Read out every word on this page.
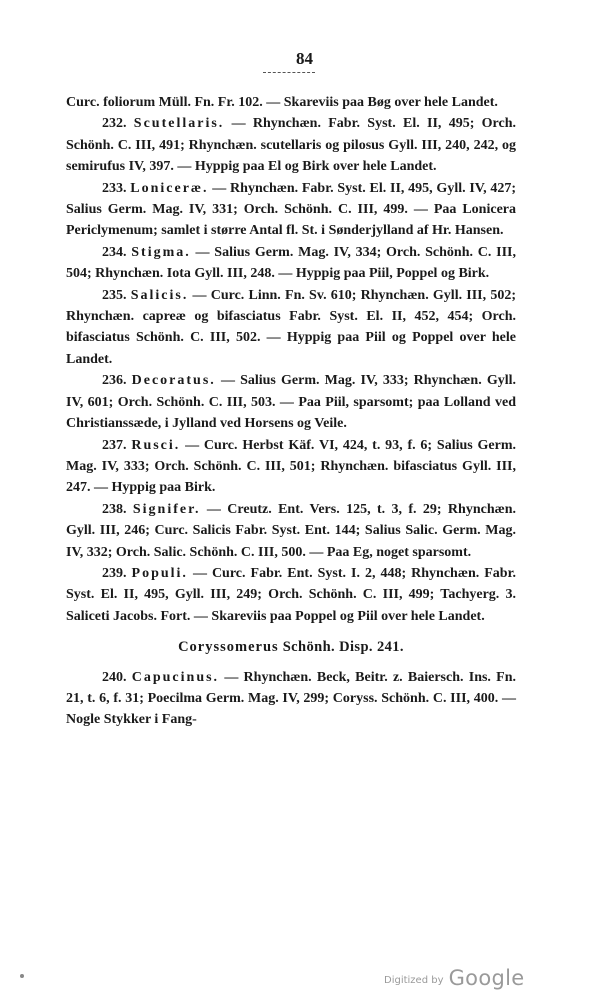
84

Curc. foliorum Müll. Fn. Fr. 102. — Skareviis paa Bøg over hele Landet.

232. Scutellaris. — Rhynchæn. Fabr. Syst. El. II, 495; Orch. Schönh. C. III, 491; Rhynchæn. scutellaris og pilosus Gyll. III, 240, 242, og semirufus IV, 397. — Hyppig paa El og Birk over hele Landet.

233. Loniceræ. — Rhynchæn. Fabr. Syst. El. II, 495, Gyll. IV, 427; Salius Germ. Mag. IV, 331; Orch. Schönh. C. III, 499. — Paa Lonicera Periclymenum; samlet i større Antal fl. St. i Sønderjylland af Hr. Hansen.

234. Stigma. — Salius Germ. Mag. IV, 334; Orch. Schönh. C. III, 504; Rhynchæn. Iota Gyll. III, 248. — Hyppig paa Piil, Poppel og Birk.

235. Salicis. — Curc. Linn. Fn. Sv. 610; Rhynchæn. Gyll. III, 502; Rhynchæn. capreæ og bifasciatus Fabr. Syst. El. II, 452, 454; Orch. bifasciatus Schönh. C. III, 502. — Hyppig paa Piil og Poppel over hele Landet.

236. Decoratus. — Salius Germ. Mag. IV, 333; Rhynchæn. Gyll. IV, 601; Orch. Schönh. C. III, 503. — Paa Piil, sparsomt; paa Lolland ved Christianssæde, i Jylland ved Horsens og Veile.

237. Rusci. — Curc. Herbst Käf. VI, 424, t. 93, f. 6; Salius Germ. Mag. IV, 333; Orch. Schönh. C. III, 501; Rhynchæn. bifasciatus Gyll. III, 247. — Hyppig paa Birk.

238. Signifer. — Creutz. Ent. Vers. 125, t. 3, f. 29; Rhynchæn. Gyll. III, 246; Curc. Salicis Fabr. Syst. Ent. 144; Salius Salic. Germ. Mag. IV, 332; Orch. Salic. Schönh. C. III, 500. — Paa Eg, noget sparsomt.

239. Populi. — Curc. Fabr. Ent. Syst. I. 2, 448; Rhynchæn. Fabr. Syst. El. II, 495, Gyll. III, 249; Orch. Schönh. C. III, 499; Tachyerg. 3. Saliceti Jacobs. Fort. — Skareviis paa Poppel og Piil over hele Landet.

Coryssomerus Schönh. Disp. 241.

240. Capucinus. — Rhynchæn. Beck, Beitr. z. Baiersch. Ins. Fn. 21, t. 6, f. 31; Poecilma Germ. Mag. IV, 299; Coryss. Schönh. C. III, 400. — Nogle Stykker i Fang-

Digitized by Google
